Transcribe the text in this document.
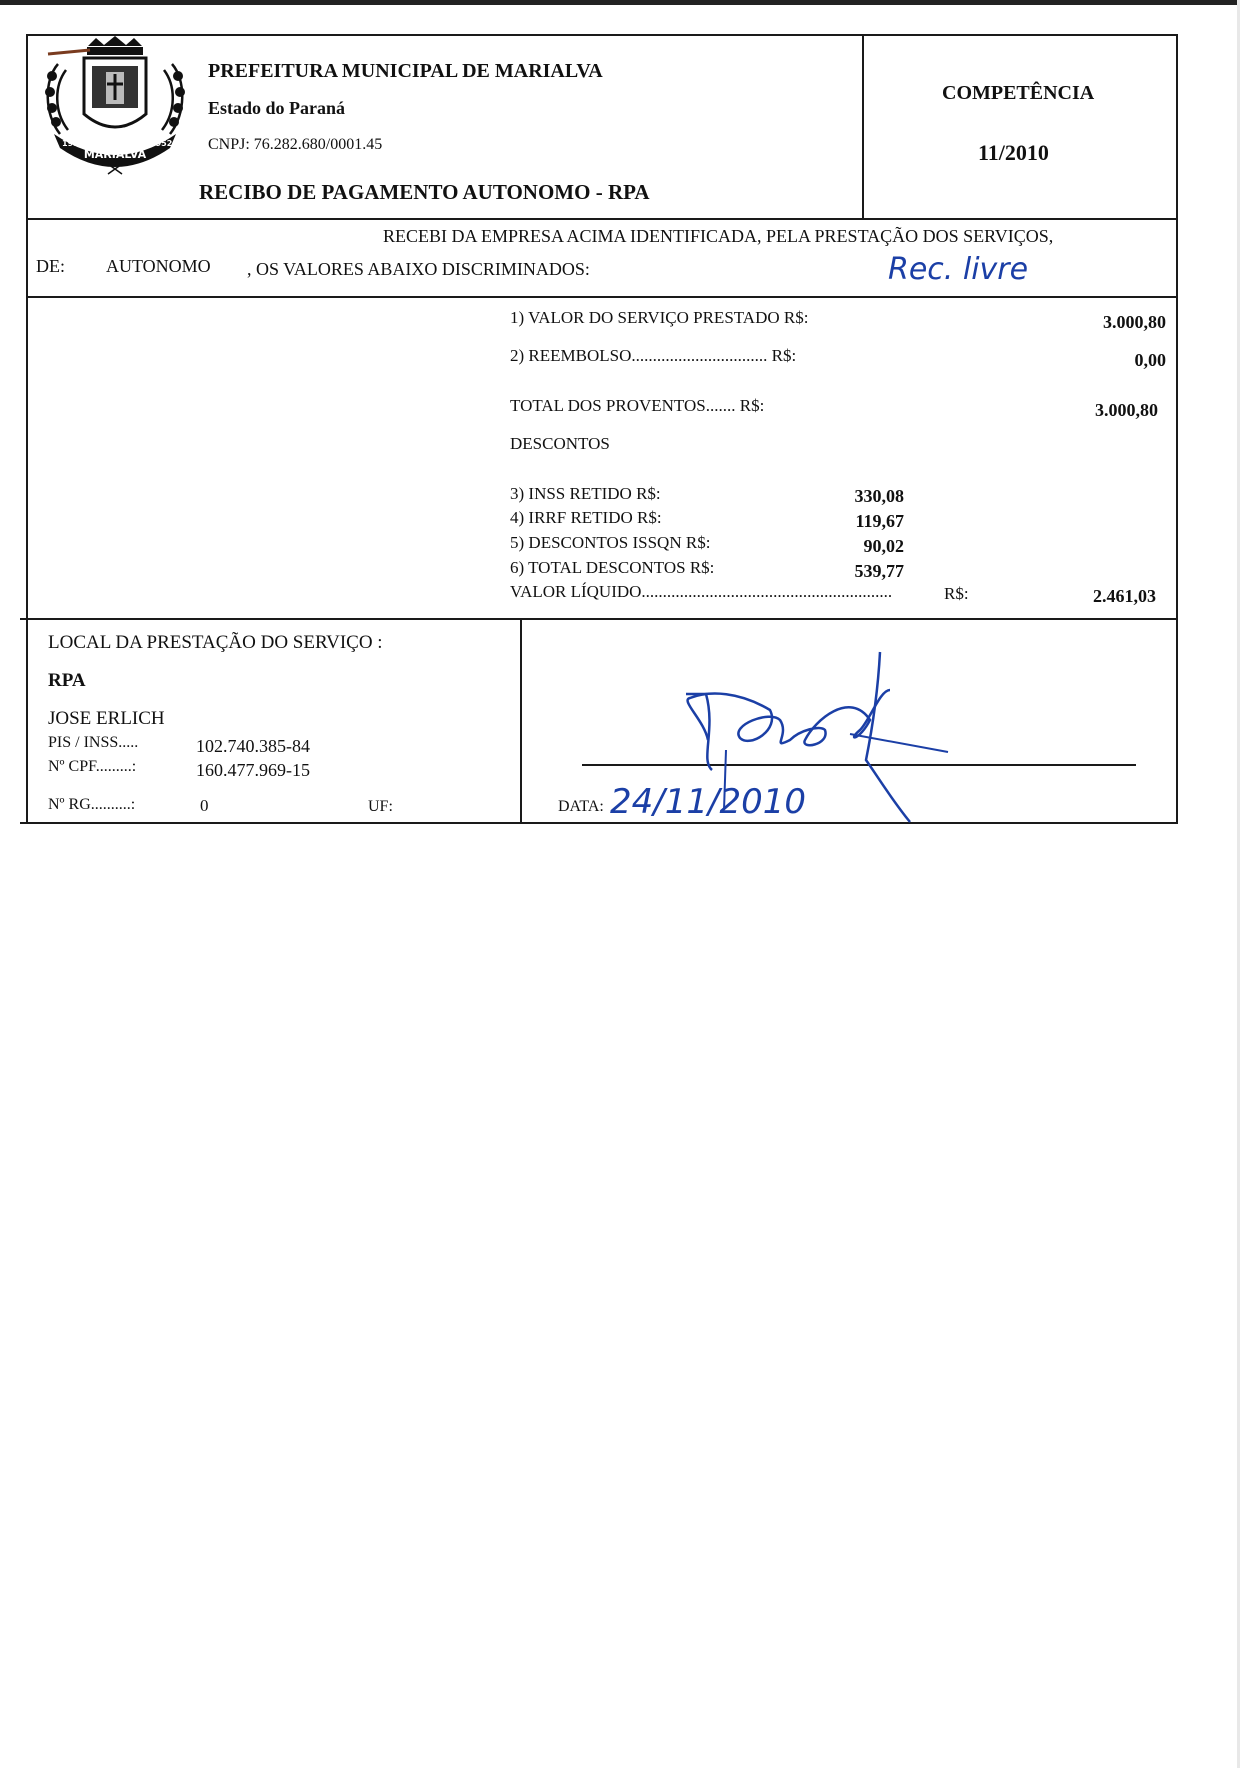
MARIALVA
1951	1952
PREFEITURA MUNICIPAL DE MARIALVA
Estado do Paraná
CNPJ: 76.282.680/0001.45
RECIBO DE PAGAMENTO AUTONOMO - RPA
COMPETÊNCIA
11/2010
RECEBI DA EMPRESA ACIMA IDENTIFICADA, PELA PRESTAÇÃO DOS SERVIÇOS,
DE: AUTONOMO , OS VALORES ABAIXO DISCRIMINADOS:	Rec. livre
1) VALOR DO SERVIÇO PRESTADO R$:	3.000,80
2) REEMBOLSO................................ R$:	0,00
TOTAL DOS PROVENTOS....... R$:	3.000,80
DESCONTOS
3) INSS RETIDO R$:	330,08
4) IRRF RETIDO R$:	119,67
5) DESCONTOS ISSQN R$:	90,02
6) TOTAL DESCONTOS R$:	539,77
VALOR LÍQUIDO...........................................................	R$:	2.461,03
LOCAL DA PRESTAÇÃO DO SERVIÇO :
RPA
JOSE ERLICH
PIS / INSS.....	102.740.385-84
Nº CPF.........:	160.477.969-15
Nº RG..........:	0	UF:	DATA: 24/11/2010
